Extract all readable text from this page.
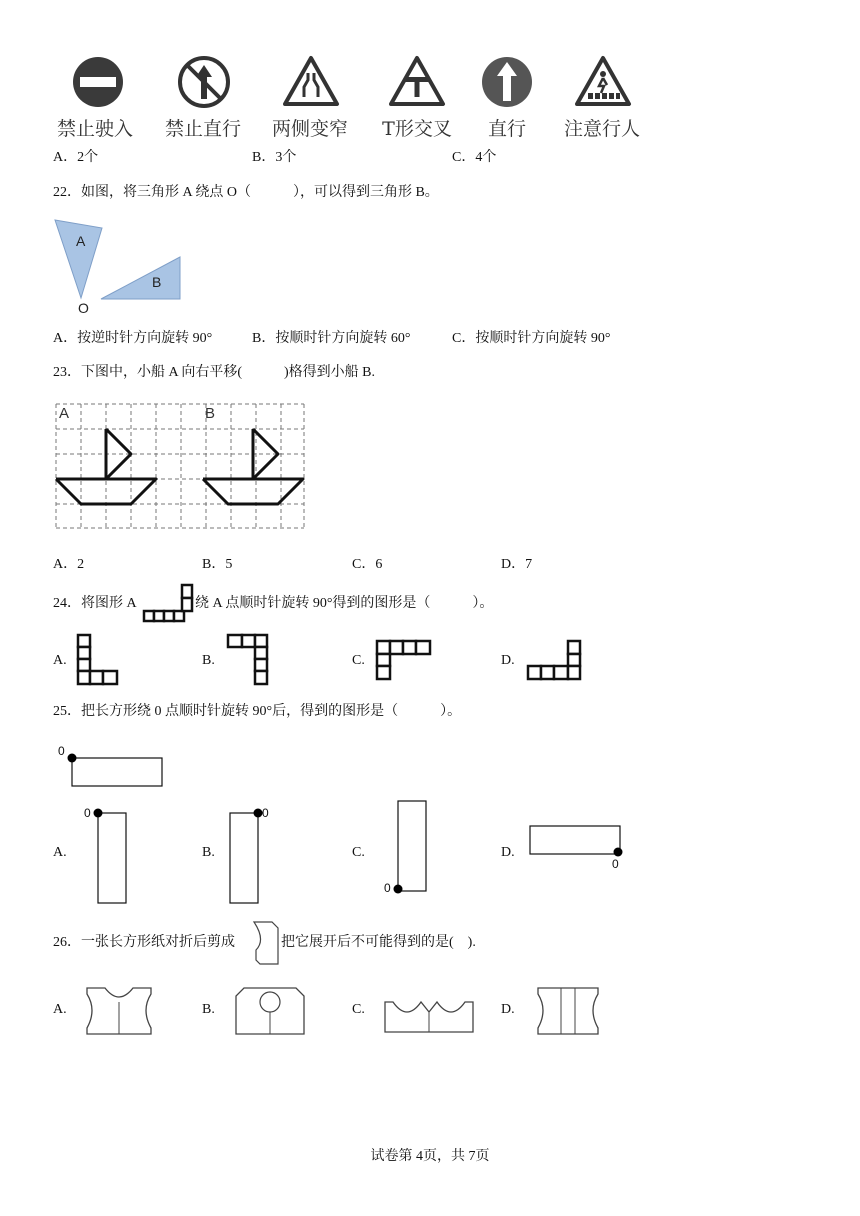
禁止驶入	禁止直行	两侧变窄	T形交叉	直行	注意行人
A．2个	B．3个	C．4个
22．如图，将三角形 A 绕点 O（　　　），可以得到三角形 B。
A
B
O
A．按逆时针方向旋转 90°	B．按顺时针方向旋转 60°	C．按顺时针方向旋转 90°
23．下图中，小船 A 向右平移(　　　)格得到小船 B.
A	B
A．2	B．5	C．6	D．7
24．将图形 A	绕 A 点顺时针旋转 90°得到的图形是（　　　）。
A.	B.	C.	D.
25．把长方形绕 0 点顺时针旋转 90°后，得到的图形是（　　　）。
0
A.
0
B.
0
C.
0
D.
0
26．一张长方形纸对折后剪成	把它展开后不可能得到的是(　).
A.	B.	C.	D.
试卷第 4页，共 7页
